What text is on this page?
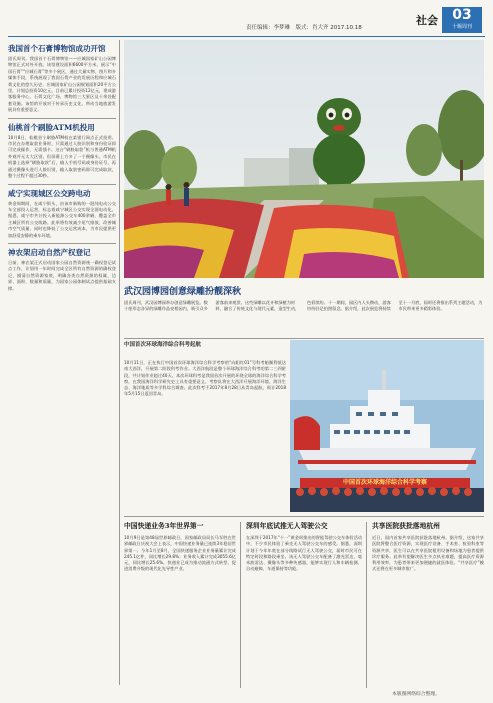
责任编辑：李梦琳　版式：肖大齐 2017.10.18
社会	03
十堰周刊
我国首个石膏博物馆成功开馆

团氏周刊。我国首个石膏博物馆——应城国家矿山公园博物馆正式对外开放。该馆建设面积6600平方米，展示“中国石膏”“应城石膏”等多个展区，通过大量实物、图片和多媒体手段，系统展现了我国石膏产业的发展历程和应城石膏文化的悠久历史。应城国家矿山公园规划面积20平方公里，计划总投资10亿元，目前已累计投资12亿元，建成游客服务中心、石膏文化广场、博物馆三大景区及十余处配套设施。该馆的开放对于传承历史文化、带动当地旅游发展具有重要意义。

仙桃首个刷脸ATM机投用

10月8日，仙桃首个刷脸ATM机在某银行网点正式投用。市民在办理取款业务时，只需通过人脸识别和身份验证即可完成操作，无需插卡。这台“刷脸取款”机与普通ATM机外观并无太大区别，但屏幕上方多了一个摄像头。市民在机器上选择“刷脸取款”后，输入手机号码或身份证号，再通过摄像头进行人脸识别，输入取款密码即可完成取款，整个过程不超过30秒。

咸宁实现城区公交跨电动

黄金周期间，在咸宁街头，由该市新购的一批纯电动公交车全部投入运营，标志着咸宁城区公交实现全面电动化。据悉，咸宁市共计投入新能源公交车400余辆，覆盖全市主城区所有公交线路。此举将有效减少尾气排放，改善城市空气质量，同时也降低了公交运营成本，为市民提供更加舒适安静的乘车环境。

神农架启动自然产权登记

日前，神农架正式启动国家公园自然资源统一确权登记试点工作，计划用一年时间完成全区所有自然资源的确权登记，摸清自然资源家底，明确各类自然资源的权属、边界、面积、数量和质量，为国家公园体制试点提供基础支撑。	武汉园博园创意绿雕扮靓深秋
团氏周刊，武汉园博园举办创意绿雕展览。数十座形态各异的绿雕作品亮相园内，吸引众多游客前来观赏。这些绿雕以花卉和绿植为材料，融合了传统文化与现代元素，造型生动，色彩缤纷。十一期间，园区内人头攒动，游客纷纷驻足拍照留念。据介绍，此次展览将持续至十一月底，届时还将推出系列主题活动，为市民带来更多精彩体验。

中国首次环球海洋综合科考起航

10月11日，正在执行中国首次环球海洋综合科学考察的“向阳红01”号科考船顺利抵达南大西洋，开展第二阶段科考作业。大西洋航段是整个环球海洋综合科考的第二三四阶段，共计划作业超过40天。本次环球科考是我国首次开展的环绕全球的海洋综合科学考察，在我国海洋科学研究史上具有重要意义。考察队将在大西洋开展海洋环境、海洋生态、海洋地质等多学科综合调查。此次科考于2017年8月28日从青岛起航，预计2018年5月15日返回青岛。
中国首次环球海洋综合科学考察
中国快递业务3年世界第一

10月9日是第48届世界邮政日，国家邮政局局长马军胜在世界邮政日庆祝大会上表示，中国快递业务量已连续3年稳居世界第一。今年1月至8月，全国快递服务企业业务量累计完成245.1亿件，同比增长29.8%；业务收入累计完成3055.6亿元，同比增长25.6%。快递业已成为推动流通方式转型、促进消费升级的现代化先导性产业。

深圳年底试推无人驾驶公交

在深圳于2017年“十一”黄金周推出的智能驾驶公交车体验活动中，不少市民体验了乘坐无人驾驶公交车的感受。据悉，深圳计划于今年年底在部分线路试行无人驾驶公交，届时市民可在特定时段和路段乘坐。该无人驾驶公交车配备了激光雷达、毫米波雷达、摄像头等多种传感器，能够实现行人和车辆检测、自动避障、车道保持等功能。

共享医院获批落地杭州

近日，国内首家共享医院获批落地杭州。据介绍，这家共享医院将整合医疗资源，实现医疗设备、手术室、检验科室等资源共享，医生可以在共享医院租用设备和场地为患者提供诊疗服务。此举有望解决医生多点执业难题，提高医疗资源利用效率，为患者带来更加便捷的就医体验。“共享医疗”模式还将在更多城市推广。

本版图网络综合整理。
